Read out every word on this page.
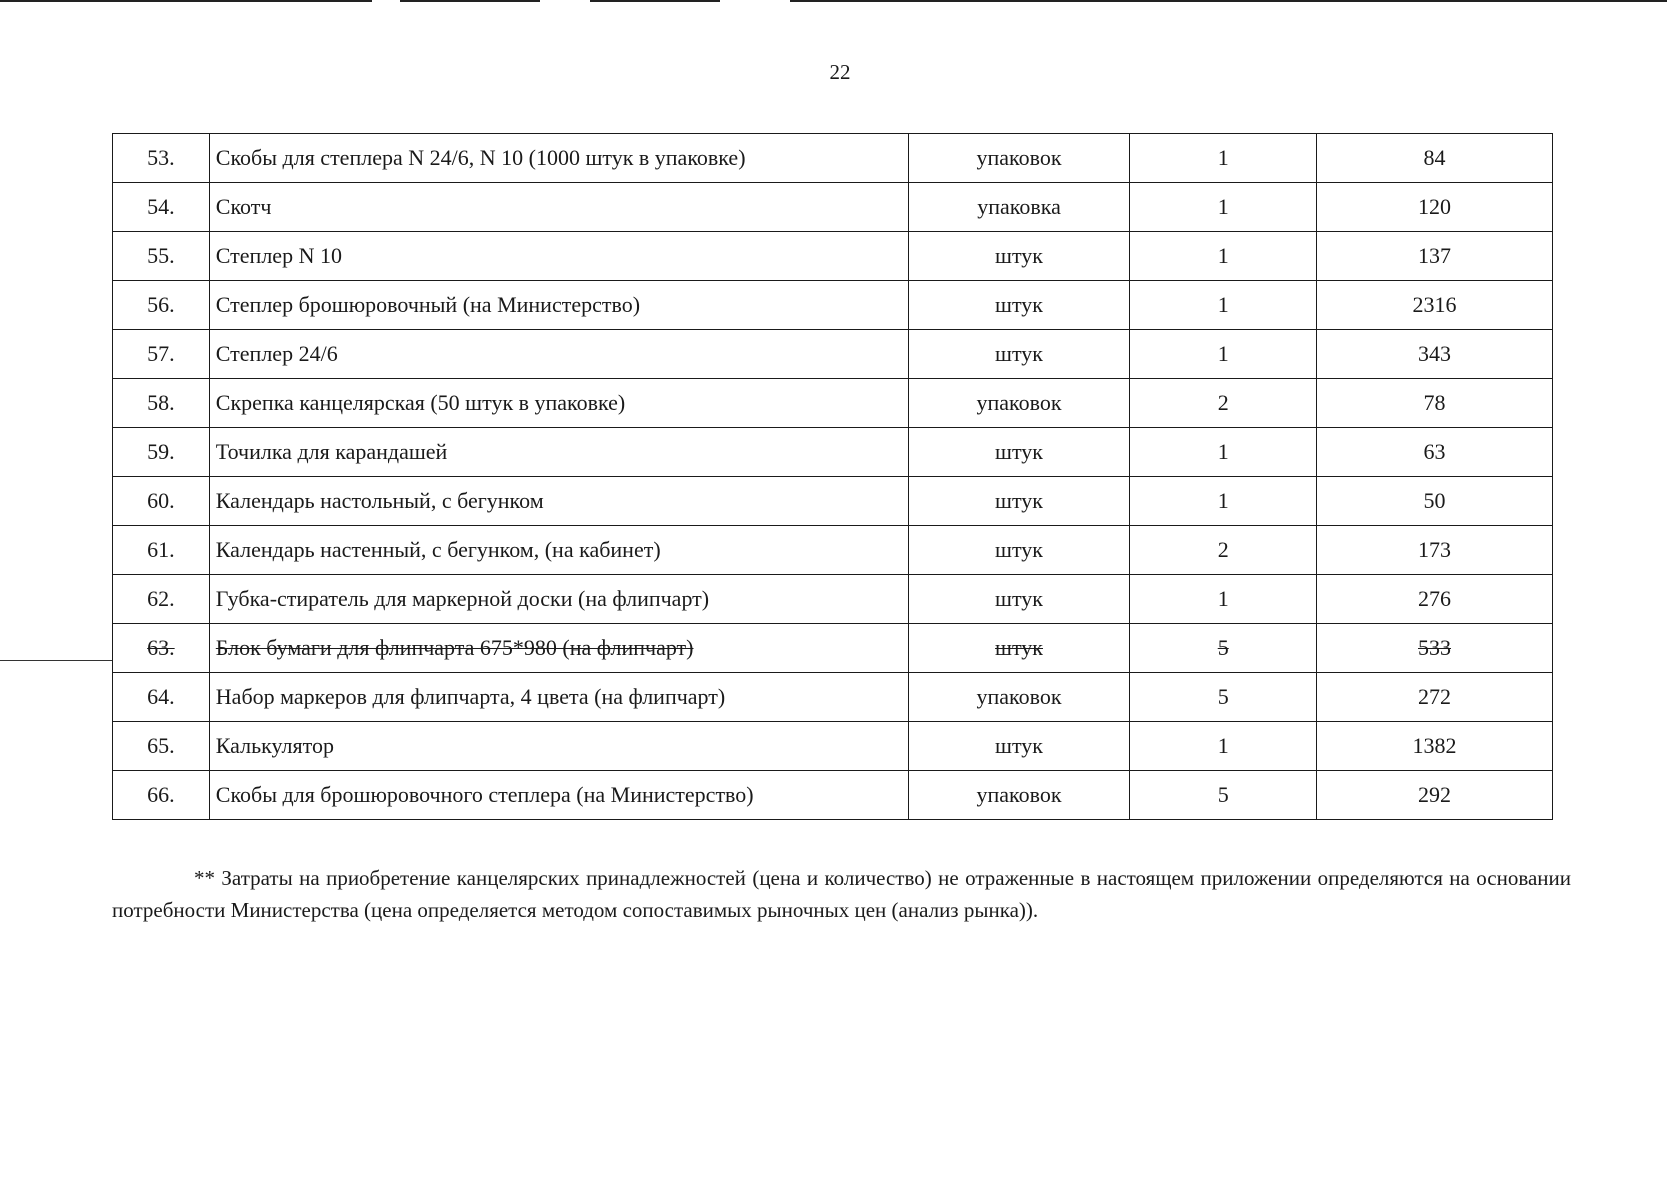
22
53.	Скобы для степлера N 24/6, N 10 (1000 штук в упаковке)	упаковок	1	84
54.	Скотч	упаковка	1	120
55.	Степлер N 10	штук	1	137
56.	Степлер брошюровочный (на Министерство)	штук	1	2316
57.	Степлер 24/6	штук	1	343
58.	Скрепка канцелярская (50 штук в упаковке)	упаковок	2	78
59.	Точилка для карандашей	штук	1	63
60.	Календарь настольный, с бегунком	штук	1	50
61.	Календарь настенный, с бегунком, (на кабинет)	штук	2	173
62.	Губка-стиратель для маркерной доски (на флипчарт)	штук	1	276
63.	Блок бумаги для флипчарта 675*980 (на флипчарт)	штук	5	533
64.	Набор маркеров для флипчарта, 4 цвета (на флипчарт)	упаковок	5	272
65.	Калькулятор	штук	1	1382
66.	Скобы для брошюровочного степлера (на Министерство)	упаковок	5	292
** Затраты на приобретение канцелярских принадлежностей (цена и количество) не отраженные в настоящем приложении определяются на основании потребности Министерства (цена определяется методом сопоставимых рыночных цен (анализ рынка)).
